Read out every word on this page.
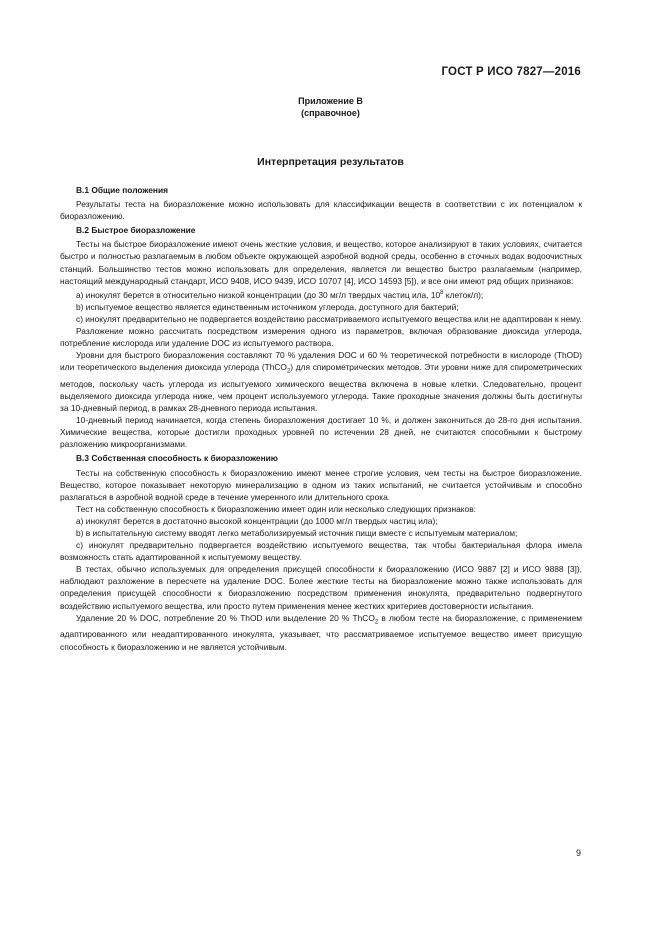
ГОСТ Р ИСО 7827—2016
Приложение В
(справочное)
Интерпретация результатов
В.1 Общие положения

Результаты теста на биоразложение можно использовать для классификации веществ в соответствии с их потенциалом к биоразложению.

В.2 Быстрое биоразложение

Тесты на быстрое биоразложение имеют очень жесткие условия, и вещество, которое анализируют в таких условиях, считается быстро и полностью разлагаемым в любом объекте окружающей аэробной водной среды, особенно в сточных водах водоочистных станций. Большинство тестов можно использовать для определения, является ли вещество быстро разлагаемым (например, настоящий международный стандарт, ИСО 9408, ИСО 9439, ИСО 10707 [4], ИСО 14593 [5]), и все они имеют ряд общих признаков:

a) инокулят берется в относительно низкой концентрации (до 30 мг/л твердых частиц ила, $10^8$ клеток/л);

b) испытуемое вещество является единственным источником углерода, доступного для бактерий;

c) инокулят предварительно не подвергается воздействию рассматриваемого испытуемого вещества или не адаптирован к нему.

Разложение можно рассчитать посредством измерения одного из параметров, включая образование диоксида углерода, потребление кислорода или удаление DOC из испытуемого раствора.

Уровни для быстрого биоразложения составляют 70 % удаления DOC и 60 % теоретической потребности в кислороде (ThOD) или теоретического выделения диоксида углерода (ThCO$_2$) для спирометрических методов. Эти уровни ниже для спирометрических методов, поскольку часть углерода из испытуемого химического вещества включена в новые клетки. Следовательно, процент выделяемого диоксида углерода ниже, чем процент используемого углерода. Такие проходные значения должны быть достигнуты за 10-дневный период, в рамках 28-дневного периода испытания.

10-дневный период начинается, когда степень биоразложения достигает 10 %, и должен закончиться до 28-го дня испытания. Химические вещества, которые достигли проходных уровней по истечении 28 дней, не считаются способными к быстрому разложению микроорганизмами.

В.3 Собственная способность к биоразложению

Тесты на собственную способность к биоразложению имеют менее строгие условия, чем тесты на быстрое биоразложение. Вещество, которое показывает некоторую минерализацию в одном из таких испытаний, не считается устойчивым и способно разлагаться в аэробной водной среде в течение умеренного или длительного срока.

Тест на собственную способность к биоразложению имеет один или несколько следующих признаков:

a) инокулят берется в достаточно высокой концентрации (до 1000 мг/л твердых частиц ила);

b) в испытательную систему вводят легко метаболизируемый источник пищи вместе с испытуемым материалом;

c) инокулят предварительно подвергается воздействию испытуемого вещества, так чтобы бактериальная флора имела возможность стать адаптированной к испытуемому веществу.

В тестах, обычно используемых для определения присущей способности к биоразложению (ИСО 9887 [2] и ИСО 9888 [3]), наблюдают разложение в пересчете на удаление DOC. Более жесткие тесты на биоразложение можно также использовать для определения присущей способности к биоразложению посредством применения инокулята, предварительно подвергнутого воздействию испытуемого вещества, или просто путем применения менее жестких критериев достоверности испытания.

Удаление 20 % DOC, потребление 20 % ThOD или выделение 20 % ThCO$_2$ в любом тесте на биоразложение, с применением адаптированного или неадаптированного инокулята, указывает, что рассматриваемое испытуемое вещество имеет присущую способность к биоразложению и не является устойчивым.

9
